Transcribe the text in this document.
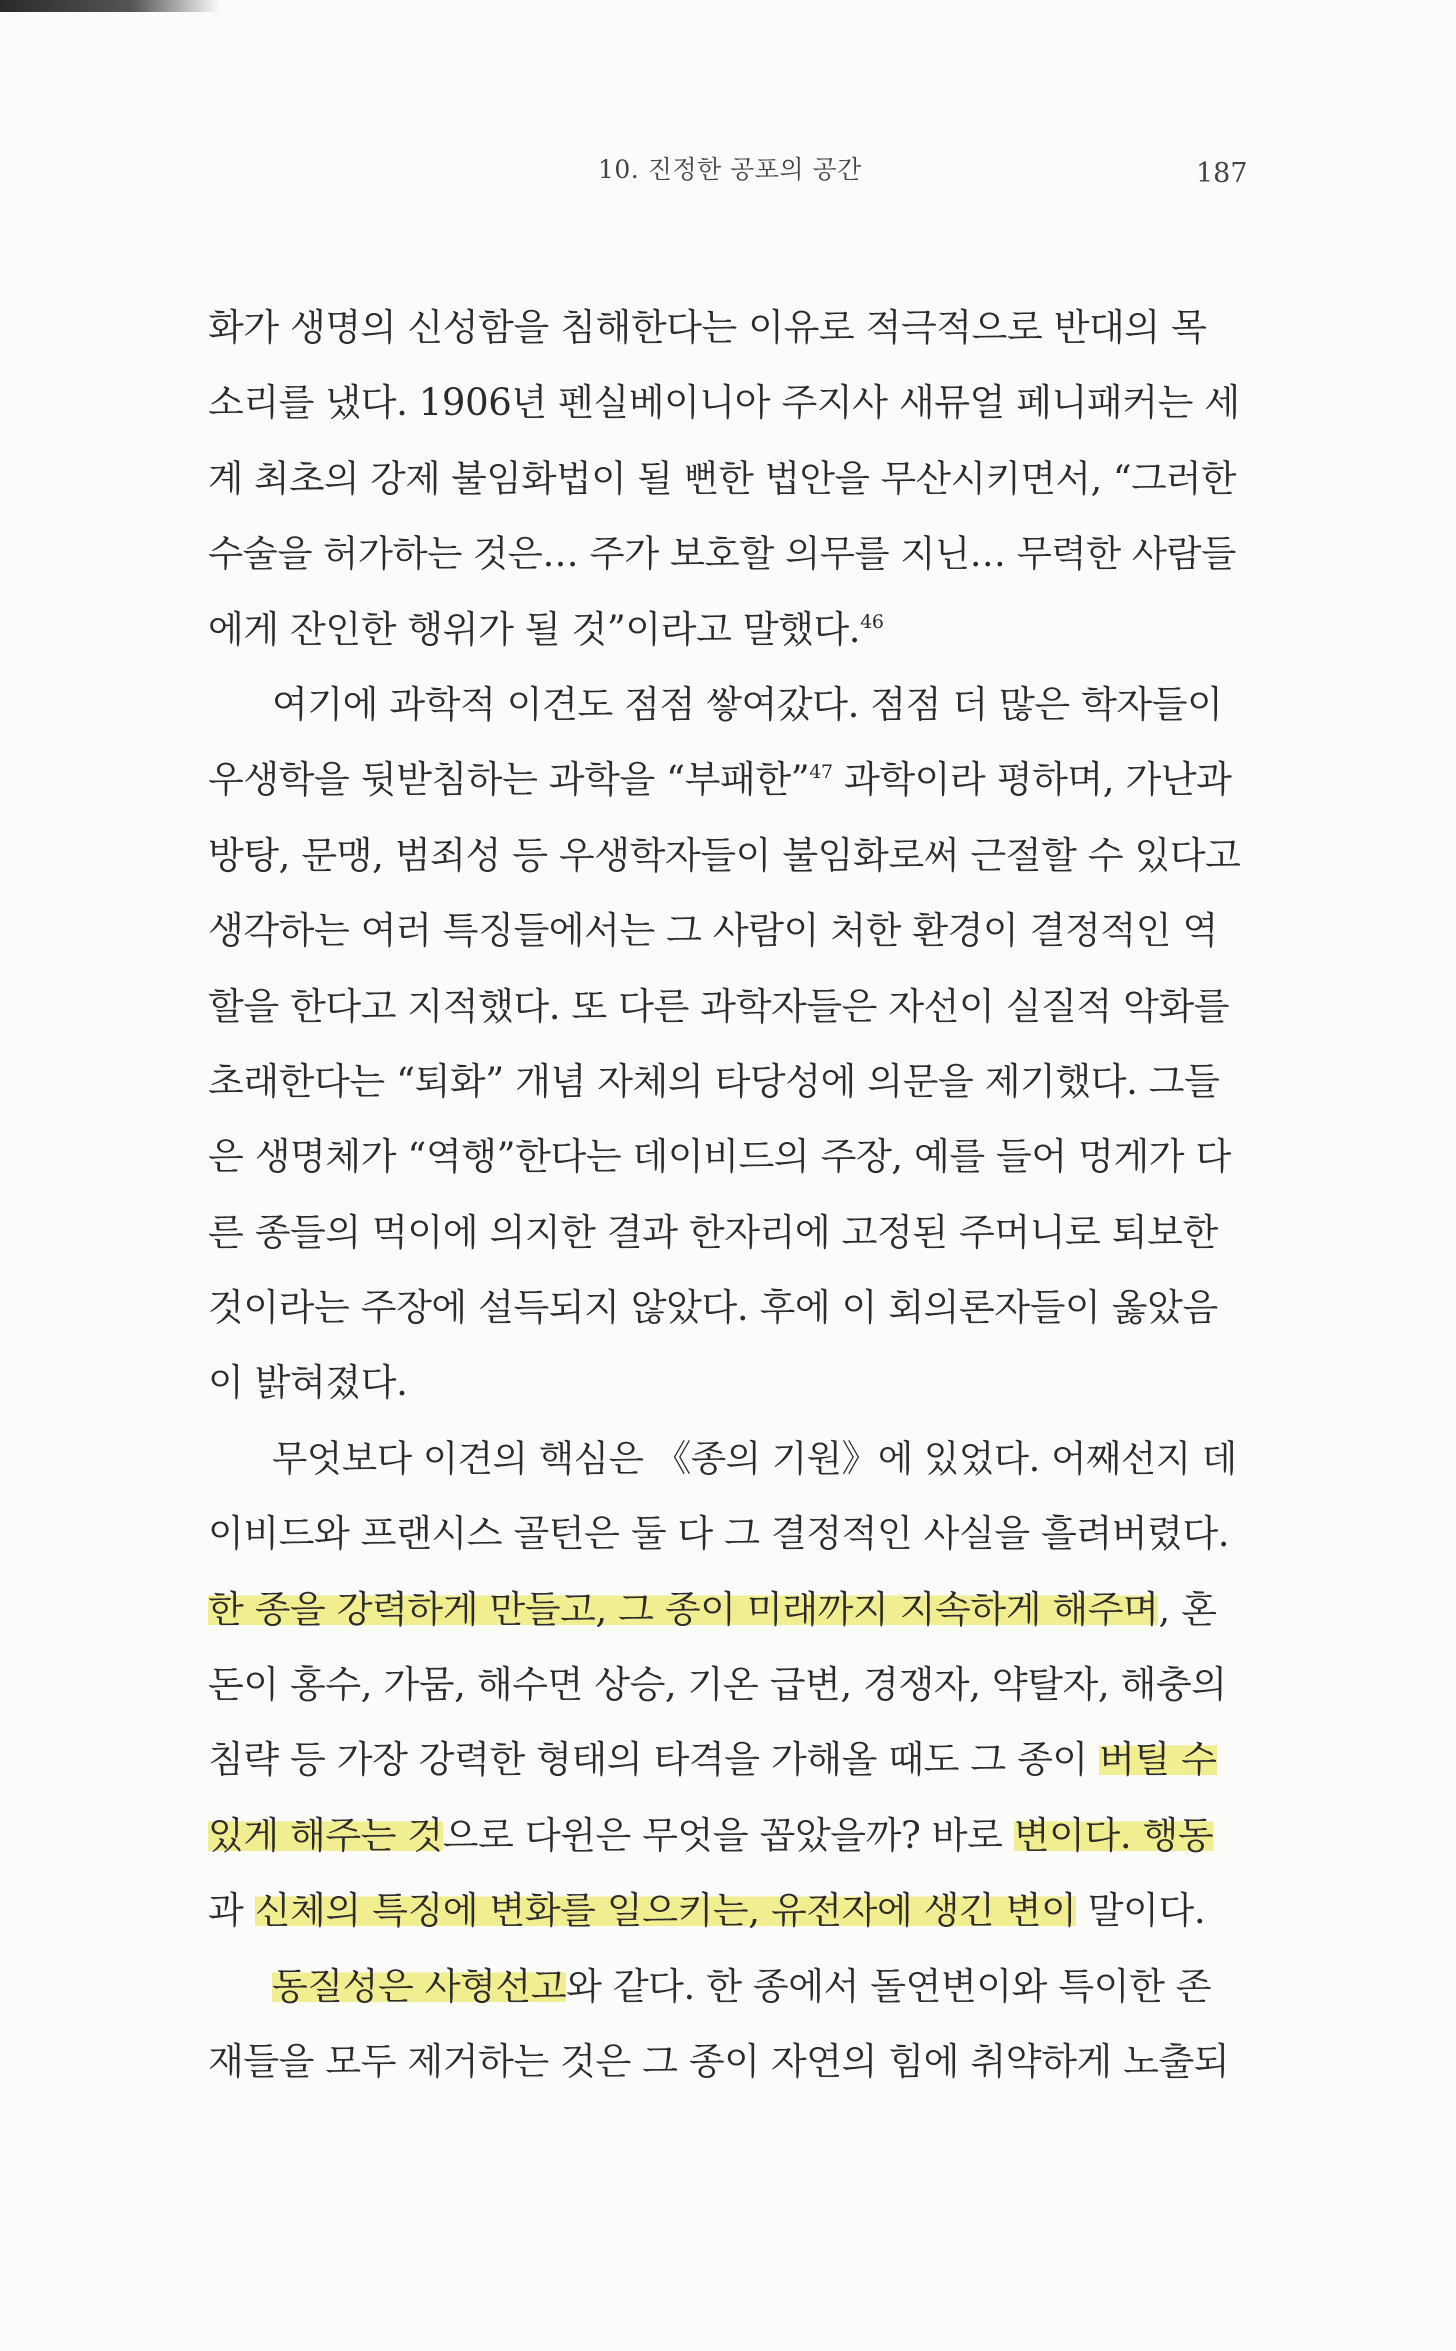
10. 진정한 공포의 공간	187
화가 생명의 신성함을 침해한다는 이유로 적극적으로 반대의 목
소리를 냈다. 1906년 펜실베이니아 주지사 새뮤얼 페니패커는 세
계 최초의 강제 불임화법이 될 뻔한 법안을 무산시키면서, “그러한
수술을 허가하는 것은… 주가 보호할 의무를 지닌… 무력한 사람들
에게 잔인한 행위가 될 것”이라고 말했다.$^{46}$
여기에 과학적 이견도 점점 쌓여갔다. 점점 더 많은 학자들이
우생학을 뒷받침하는 과학을 “부패한”$^{47}$ 과학이라 평하며, 가난과
방탕, 문맹, 범죄성 등 우생학자들이 불임화로써 근절할 수 있다고
생각하는 여러 특징들에서는 그 사람이 처한 환경이 결정적인 역
할을 한다고 지적했다. 또 다른 과학자들은 자선이 실질적 악화를
초래한다는 “퇴화” 개념 자체의 타당성에 의문을 제기했다. 그들
은 생명체가 “역행”한다는 데이비드의 주장, 예를 들어 멍게가 다
른 종들의 먹이에 의지한 결과 한자리에 고정된 주머니로 퇴보한
것이라는 주장에 설득되지 않았다. 후에 이 회의론자들이 옳았음
이 밝혀졌다.
무엇보다 이견의 핵심은 《종의 기원》에 있었다. 어째선지 데
이비드와 프랜시스 골턴은 둘 다 그 결정적인 사실을 흘려버렸다.
한 종을 강력하게 만들고, 그 종이 미래까지 지속하게 해주며, 혼
돈이 홍수, 가뭄, 해수면 상승, 기온 급변, 경쟁자, 약탈자, 해충의
침략 등 가장 강력한 형태의 타격을 가해올 때도 그 종이 버틸 수
있게 해주는 것으로 다윈은 무엇을 꼽았을까? 바로 변이다. 행동
과 신체의 특징에 변화를 일으키는, 유전자에 생긴 변이 말이다.
동질성은 사형선고와 같다. 한 종에서 돌연변이와 특이한 존
재들을 모두 제거하는 것은 그 종이 자연의 힘에 취약하게 노출되
